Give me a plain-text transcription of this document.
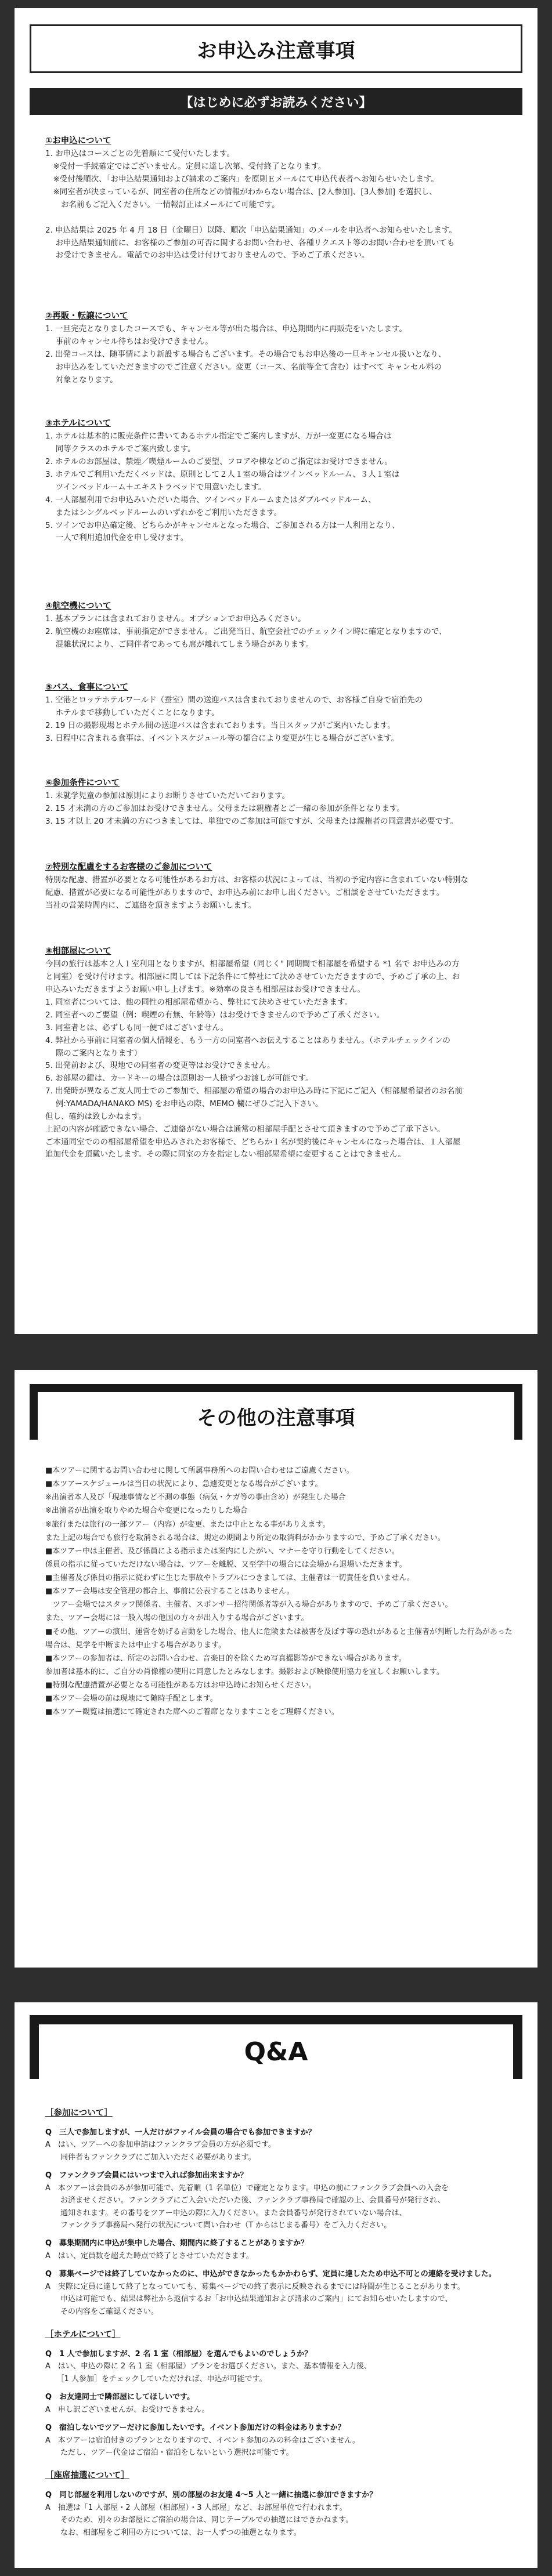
お申込み注意事項
【はじめに必ずお読みください】
①お申込について

1. お申込はコースごとの先着順にて受付いたします。

　※受付一手続確定ではございません。定員に達し次第、受付終了となります。

　※受付後順次、「お申込結果通知および請求のご案内」を原則Ｅメールにて申込代表者へお知らせいたします。

　※同室者が決まっているが、同室者の住所などの情報がわからない場合は、[2人参加]、[3人参加] を選択し、

　　お名前もご記入ください。一情報訂正はメールにて可能です。

2. 申込結果は 2025 年 4 月 18 日（金曜日）以降、順次「申込結果通知」のメールを申込者へお知らせいたします。

　 お申込結果通知前に、お客様のご参加の可否に関するお問い合わせ、各種リクエスト等のお問い合わせを頂いても

　 お受けできません。電話でのお申込は受け付けておりませんので、予めご了承ください。

②再販・転譲について

1. 一旦完売となりましたコースでも、キャンセル等が出た場合は、申込期間内に再販売をいたします。

　 事前のキャンセル待ちはお受けできません。

2. 出発コースは、随事情により新設する場合もございます。その場合でもお申込後の一旦キャンセル扱いとなり、

　 お申込みをしていただきますのでご注意ください。変更（コース、名前等全て含む）はすべて キャンセル料の

　 対象となります。

③ホテルについて

1. ホテルは基本的に販売条件に書いてあるホテル指定でご案内しますが、万が一変更になる場合は

　 同等クラスのホテルでご案内致します。

2. ホテルのお部屋は、禁煙／喫煙ルームのご要望、フロアや棟などのご指定はお受けできません。

3. ホテルでご利用いただくベッドは、原則として２人１室の場合はツインベッドルーム、３人１室は

　 ツインベッドルーム＋エキストラベッドで用意いたします。

4. 一人部屋利用でお申込みいただいた場合、ツインベッドルームまたはダブルベッドルーム、

　 またはシングルベッドルームのいずれかをご利用いただきます。

5. ツインでお申込確定後、どちらかがキャンセルとなった場合、ご参加される方は一人利用となり、

　 一人で利用追加代金を申し受けます。

④航空機について

1. 基本プランには含まれておりません。オプションでお申込みください。

2. 航空機のお座席は、事前指定ができません。ご出発当日、航空会社でのチェックイン時に確定となりますので、

　 混雑状況により、ご同伴者であっても席が離れてしまう場合があります。

⑤バス、食事について

1. 空港とロッテホテルワールド（蚕室）間の送迎バスは含まれておりませんので、お客様ご自身で宿泊先の

　 ホテルまで移動していただくことになります。

2. 19 日の撮影現場とホテル間の送迎バスは含まれております。当日スタッフがご案内いたします。

3. 日程中に含まれる食事は、イベントスケジュール等の都合により変更が生じる場合がございます。

⑥参加条件について

1. 未就学児童の参加は原則によりお断りさせていただいております。

2. 15 才未満の方のご参加はお受けできません。父母または親権者とご一緒の参加が条件となります。

3. 15 才以上 20 才未満の方につきましては、単独でのご参加は可能ですが、父母または親権者の同意書が必要です。

⑦特別な配慮をするお客様のご参加について

特別な配慮、措置が必要となる可能性があるお方は、お客様の状況によっては、当初の予定内容に含まれていない特別な

配慮、措置が必要になる可能性がありますので、お申込み前にお申し出ください。ご相談をさせていただきます。

当社の営業時間内に、ご連絡を頂きますようお願いします。

⑧相部屋について

今回の旅行は基本２人１室利用となりますが、相部屋希望（同じく" 同期間で相部屋を希望する *1 名で お申込みの方

と同室）を受け付けます。相部屋に関しては下記条件にて弊社にて決めさせていただきますので、予めご了承の上、お

申込みいただきますようお願い申し上げます。※効率の良さも相部屋はお受けできません。

1. 同室者については、他の同性の相部屋希望から、弊社にて決めさせていただきます。

2. 同室者へのご要望（例：喫煙の有無、年齢等）はお受けできませんので予めご了承ください。

3. 同室者とは、必ずしも同一便ではございません。

4. 弊社から事前に同室者の個人情報を、もう一方の同室者へお伝えすることはありません。（ホテルチェックインの

　 際のご案内となります）

5. 出発前および、現地での同室者の変更等はお受けできません。

6. お部屋の鍵は、カードキーの場合は原則お一人様ずつお渡しが可能です。

7. 出発時が異なるご友人同士でのご参加で、相部屋の希望の場合のお申込み時に下記にご記入（相部屋希望者のお名前

　 例:YAMADA/HANAKO MS) をお申込の際、MEMO 欄にぜひご記入下さい。

但し、確約は致しかねます。

上記の内容が確認できない場合、ご連絡がない場合は通常の相部屋手配とさせて頂きますので予めご了承下さい。

ご本通同室でのの相部屋希望を申込みされたお客様で、どちらか１名が契約後にキャンセルになった場合は、１人部屋

追加代金を頂戴いたします。その際に同室の方を指定しない相部屋希望に変更することはできません。

その他の注意事項

■本ツアーに関するお問い合わせに関して所属事務所へのお問い合わせはご遠慮ください。

■本ツアースケジュールは当日の状況により、急遽変更となる場合がございます。

※出演者本人及び「現地事情など不測の事態（病気・ケガ等の事由含め）が発生した場合

※出演者が出演を取りやめた場合や変更になったりした場合

※旅行または旅行の一部ツアー（内容）が変更、または中止となる事がありえます。

また上記の場合でも旅行を取消される場合は、規定の期間より所定の取消料がかかりますので、予めご了承ください。

■本ツアー中は主催者、及び係員による指示または案内にしたがい、マナーを守り行動をしてください。

係員の指示に従っていただけない場合は、ツアーを離脱、又至学中の場合には会場から退場いただきます。

■主催者及び係員の指示に従わずに生じた事故やトラブルにつきましては、主催者は一切責任を負いません。

■本ツアー会場は安全管理の都合上、事前に公表することはありません。

　ツアー会場ではスタッフ関係者、主催者、スポンサー招待関係者等が入る場合がありますので、予めご了承ください。

また、ツアー会場には一般入場の他国の方々が出入りする場合がございます。

■その他、ツアーの演出、運営を妨げる言動をした場合、他人に危険または被害を及ぼす等の恐れがあると主催者が判断した行為があった

場合は、見学を中断または中止する場合があります。

■本ツアーの参加者は、所定のお問い合わせ、音楽目的を除くため写真撮影等ができない場合があります。

参加者は基本的に、ご自分の肖像権の使用に同意したとみなします。撮影および映像使用協力を宜しくお願いします。

■特別な配慮措置が必要となる可能性がある方はお申込時にお知らせください。

■本ツアー会場の前は現地にて随時手配とします。

■本ツアー観覧は抽選にて確定された席へのご着席となりますことをご理解ください。

Q&A

［参加について］

Q　三人で参加しますが、一人だけがファイル会員の場合でも参加できますか？

A　はい、ツアーへの参加申請はファンクラブ会員の方が必須です。

　　同伴者もファンクラブにご加入いただく必要があります。

Q　ファンクラブ会員にはいつまで入れば参加出来ますか？

A　本ツアーは会員のみが参加可能で、先着順（1 名単位）で確定となります。申込の前にファンクラブ会員への入会を

　　お済ませください。ファンクラブにご入会いただいた後、ファンクラブ事務局で確認の上、会員番号が発行され、

　　通知されます。その番号をツアー申込の際に入力ください。また会員番号が発行されていない場合は、

　　ファンクラブ事務局へ発行の状況について問い合わせ（T からはじまる番号）をご入力ください。

Q　募集期間内に申込が集中した場合、期間内に終了することがありますか？

A　はい、定員数を超えた時点で終了とさせていただきます。

Q　募集ページでは終了していなかったのに、申込ができなかったもかかわらず、定員に達したため申込不可との連絡を受けました。

A　実際に定員に達して終了となっていても、募集ページでの終了表示に反映されるまでには時間が生じることがあります。

　　申込は可能でも、結果は弊社から返信するお「お申込結果通知および請求のご案内」にてお知らせいたしますので、

　　その内容をご確認ください。

［ホテルについて］

Q　1 人で参加しますが、2 名 1 室（相部屋）を選んでもよいのでしょうか？

A　はい、申込の際に 2 名 1 室（相部屋）プランをお選びください。また、基本情報を入力後、

　　［1 人参加］をチェックしていただければ、申込が可能です。

Q　お友達同士で隣部屋にしてほしいです。

A　申し訳ございませんが、お受けできません。

Q　宿泊しないでツアーだけに参加したいです。イベント参加だけの料金はありますか？

A　本ツアーは宿泊付きのプランとなりますので、イベント参加のみの料金はございません。

　　ただし、ツアー代金はご宿泊・宿泊をしないという選択は可能です。

［座席抽選について］

Q　同じ部屋を利用しないのですが、別の部屋のお友達 4～5 人と一緒に抽選に参加できますか？

A　抽選は「1 人部屋・2 人部屋（相部屋）・3 人部屋」など、お部屋単位で行われます。

　　そのため、別々のお部屋にご宿泊の場合は、同じテーブルでの抽選にはできかねます。

　　なお、相部屋をご利用の方については、お一人ずつの抽選となります。
